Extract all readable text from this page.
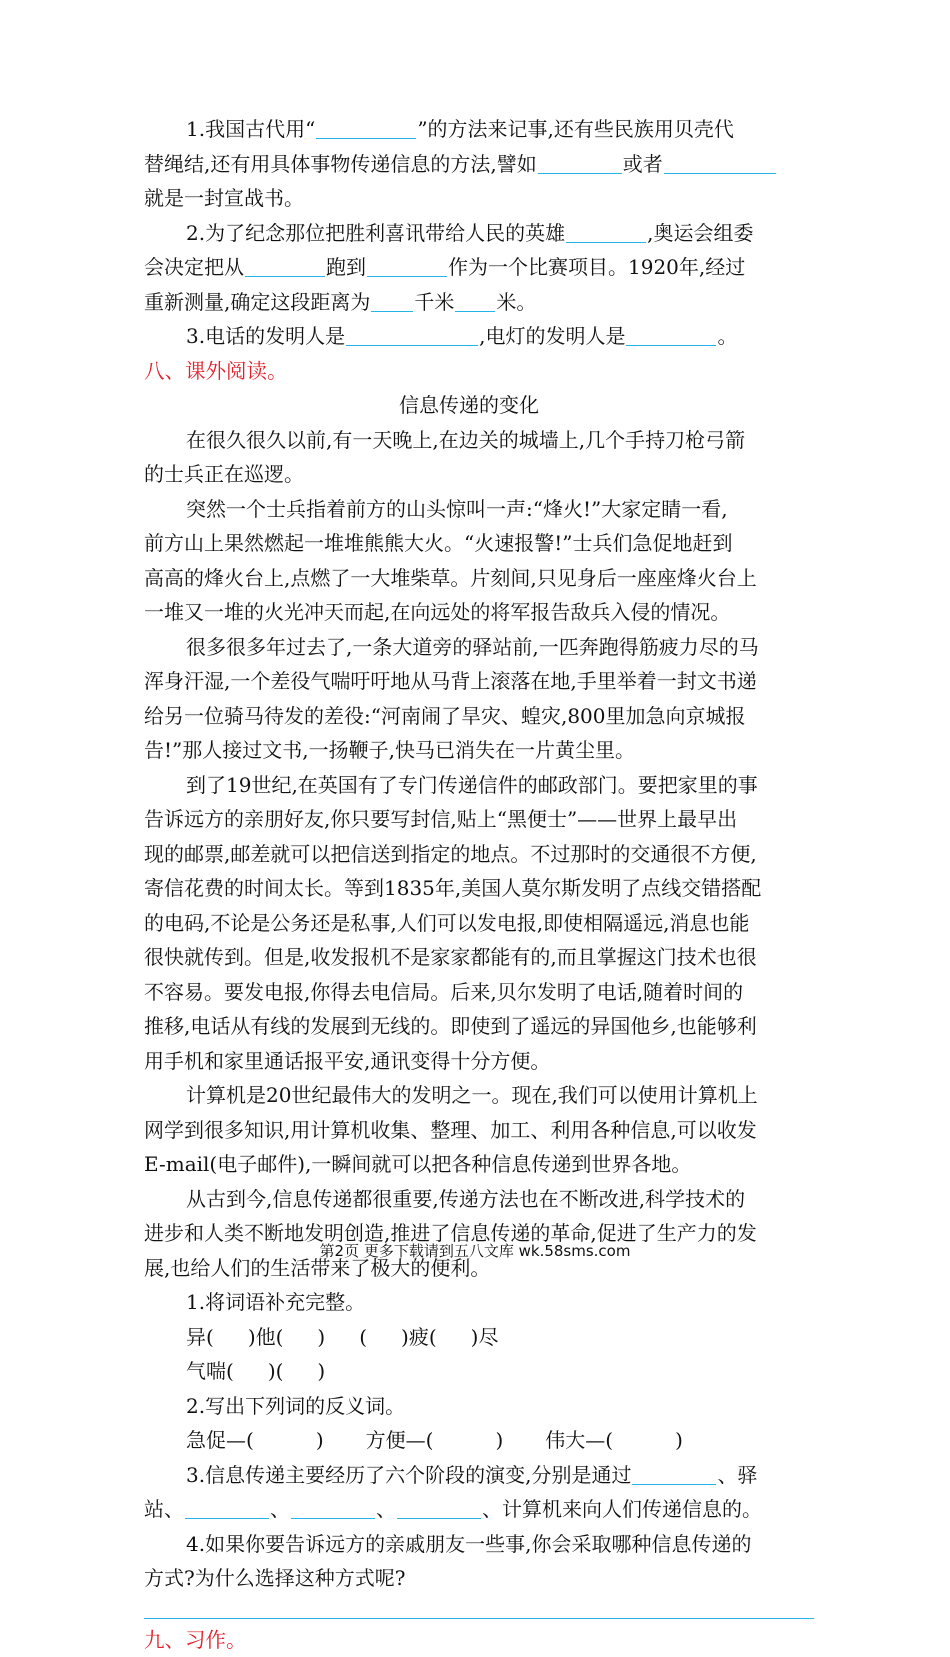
1.我国古代用“	”的方法来记事,还有些民族用贝壳代
替绳结,还有用具体事物传递信息的方法,譬如	或者
就是一封宣战书。
2.为了纪念那位把胜利喜讯带给人民的英雄	,奥运会组委
会决定把从	跑到	作为一个比赛项目。1920年,经过
重新测量,确定这段距离为 千米 米。
3.电话的发明人是	,电灯的发明人是	。
八、课外阅读。
信息传递的变化
在很久很久以前,有一天晚上,在边关的城墙上,几个手持刀枪弓箭
的士兵正在巡逻。
突然一个士兵指着前方的山头惊叫一声:“烽火!”大家定睛一看,
前方山上果然燃起一堆堆熊熊大火。“火速报警!”士兵们急促地赶到
高高的烽火台上,点燃了一大堆柴草。片刻间,只见身后一座座烽火台上
一堆又一堆的火光冲天而起,在向远处的将军报告敌兵入侵的情况。
很多很多年过去了,一条大道旁的驿站前,一匹奔跑得筋疲力尽的马
浑身汗湿,一个差役气喘吁吁地从马背上滚落在地,手里举着一封文书递
给另一位骑马待发的差役:“河南闹了旱灾、蝗灾,800里加急向京城报
告!”那人接过文书,一扬鞭子,快马已消失在一片黄尘里。
到了19世纪,在英国有了专门传递信件的邮政部门。要把家里的事
告诉远方的亲朋好友,你只要写封信,贴上“黑便士”——世界上最早出
现的邮票,邮差就可以把信送到指定的地点。不过那时的交通很不方便,
寄信花费的时间太长。等到1835年,美国人莫尔斯发明了点线交错搭配
的电码,不论是公务还是私事,人们可以发电报,即使相隔遥远,消息也能
很快就传到。但是,收发报机不是家家都能有的,而且掌握这门技术也很
不容易。要发电报,你得去电信局。后来,贝尔发明了电话,随着时间的
推移,电话从有线的发展到无线的。即使到了遥远的异国他乡,也能够利
用手机和家里通话报平安,通讯变得十分方便。
计算机是20世纪最伟大的发明之一。现在,我们可以使用计算机上
网学到很多知识,用计算机收集、整理、加工、利用各种信息,可以收发
E-mail(电子邮件),一瞬间就可以把各种信息传递到世界各地。
从古到今,信息传递都很重要,传递方法也在不断改进,科学技术的
进步和人类不断地发明创造,推进了信息传递的革命,促进了生产力的发
展,也给人们的生活带来了极大的便利。
1.将词语补充完整。
异( )他( ) ( )疲( )尽
气喘( )( )
2.写出下列词的反义词。
急促—(	) 方便—(	) 伟大—(	)
3.信息传递主要经历了六个阶段的演变,分别是通过	、驿
站、	、	、	、计算机来向人们传递信息的。
4.如果你要告诉远方的亲戚朋友一些事,你会采取哪种信息传递的
方式?为什么选择这种方式呢?
九、习作。
第2页 更多下载请到五八文库 wk.58sms.com
